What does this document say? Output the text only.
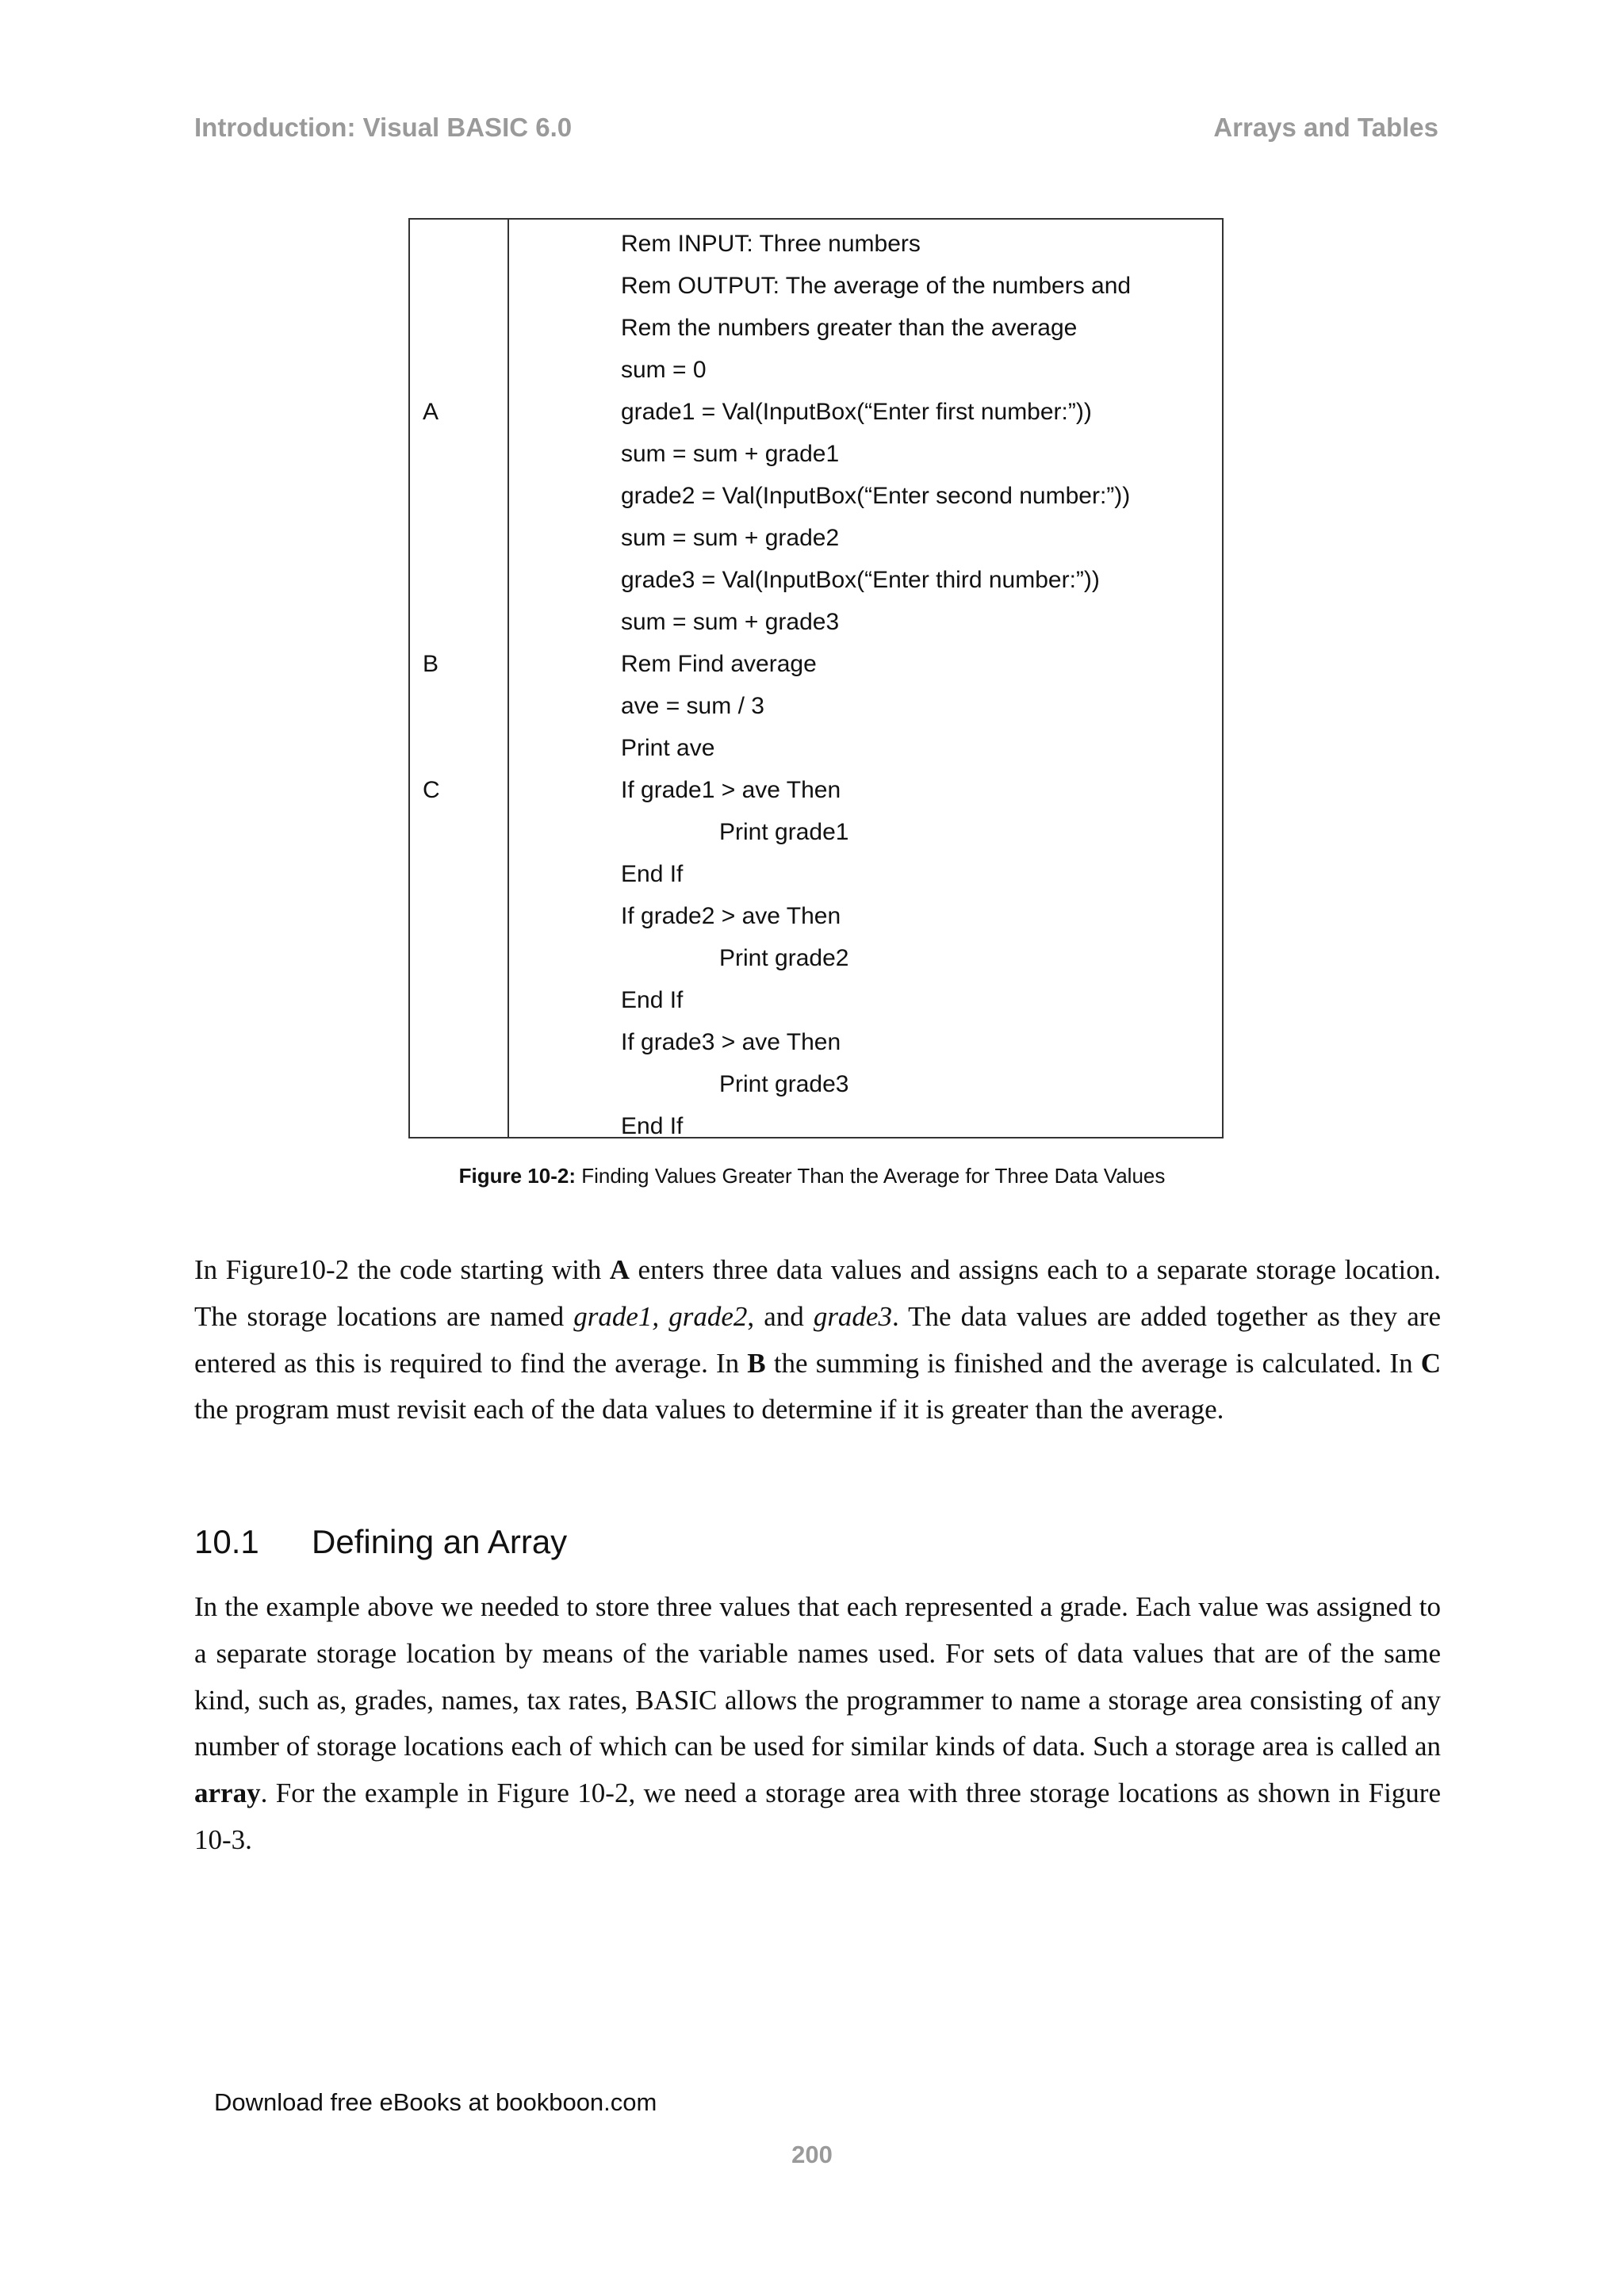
Introduction: Visual BASIC 6.0	Arrays and Tables
A
B
C
Rem INPUT: Three numbers
Rem OUTPUT: The average of the numbers and
Rem the numbers greater than the average
sum = 0
grade1 = Val(InputBox(“Enter first number:”))
sum = sum + grade1
grade2 = Val(InputBox(“Enter second number:”))
sum = sum + grade2
grade3 = Val(InputBox(“Enter third number:”))
sum = sum + grade3
Rem Find average
ave = sum / 3
Print ave
If grade1 > ave Then
Print grade1
End If
If grade2 > ave Then
Print grade2
End If
If grade3 > ave Then
Print grade3
End If
Figure 10-2: Finding Values Greater Than the Average for Three Data Values

In Figure10-2 the code starting with A enters three data values and assigns each to a separate storage location. The storage locations are named grade1, grade2, and grade3. The data values are added together as they are entered as this is required to find the average. In B the summing is finished and the average is calculated. In C the program must revisit each of the data values to determine if it is greater than the average.

10.1 Defining an Array

In the example above we needed to store three values that each represented a grade. Each value was assigned to a separate storage location by means of the variable names used. For sets of data values that are of the same kind, such as, grades, names, tax rates, BASIC allows the programmer to name a storage area consisting of any number of storage locations each of which can be used for similar kinds of data. Such a storage area is called an array. For the example in Figure 10-2, we need a storage area with three storage locations as shown in Figure 10-3.

Download free eBooks at bookboon.com
200
